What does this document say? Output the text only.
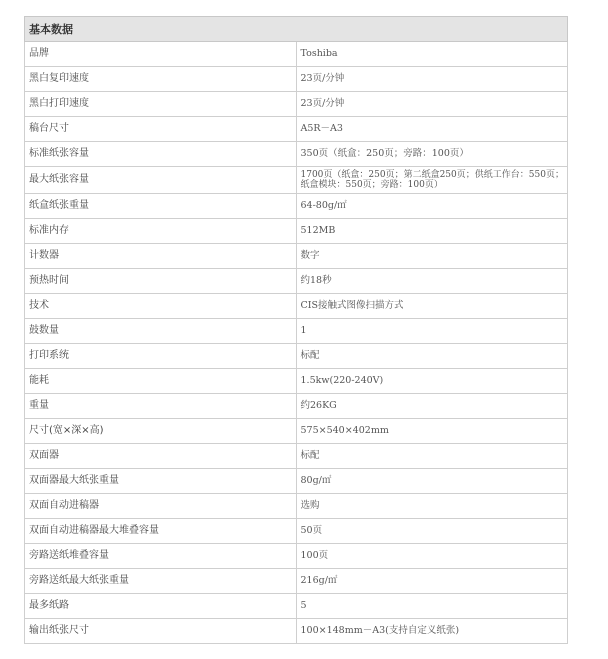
基本数据	
品牌	Toshiba
黑白复印速度	23页/分钟
黑白打印速度	23页/分钟
稿台尺寸	A5R－A3
标准纸张容量	350页（纸盒：250页；旁路：100页）
最大纸张容量	1700页（纸盒：250页；第二纸盒250页；供纸工作台：550页；纸盒模块：550页；旁路：100页）
纸盒纸张重量	64-80g/㎡
标准内存	512MB
计数器	数字
预热时间	约18秒
技术	CIS接触式图像扫描方式
鼓数量	1
打印系统	标配
能耗	1.5kw(220-240V)
重量	约26KG
尺寸(宽×深×高)	575×540×402mm
双面器	标配
双面器最大纸张重量	80g/㎡
双面自动进稿器	选购
双面自动进稿器最大堆叠容量	50页
旁路送纸堆叠容量	100页
旁路送纸最大纸张重量	216g/㎡
最多纸路	5
输出纸张尺寸	100×148mm－A3(支持自定义纸张)
